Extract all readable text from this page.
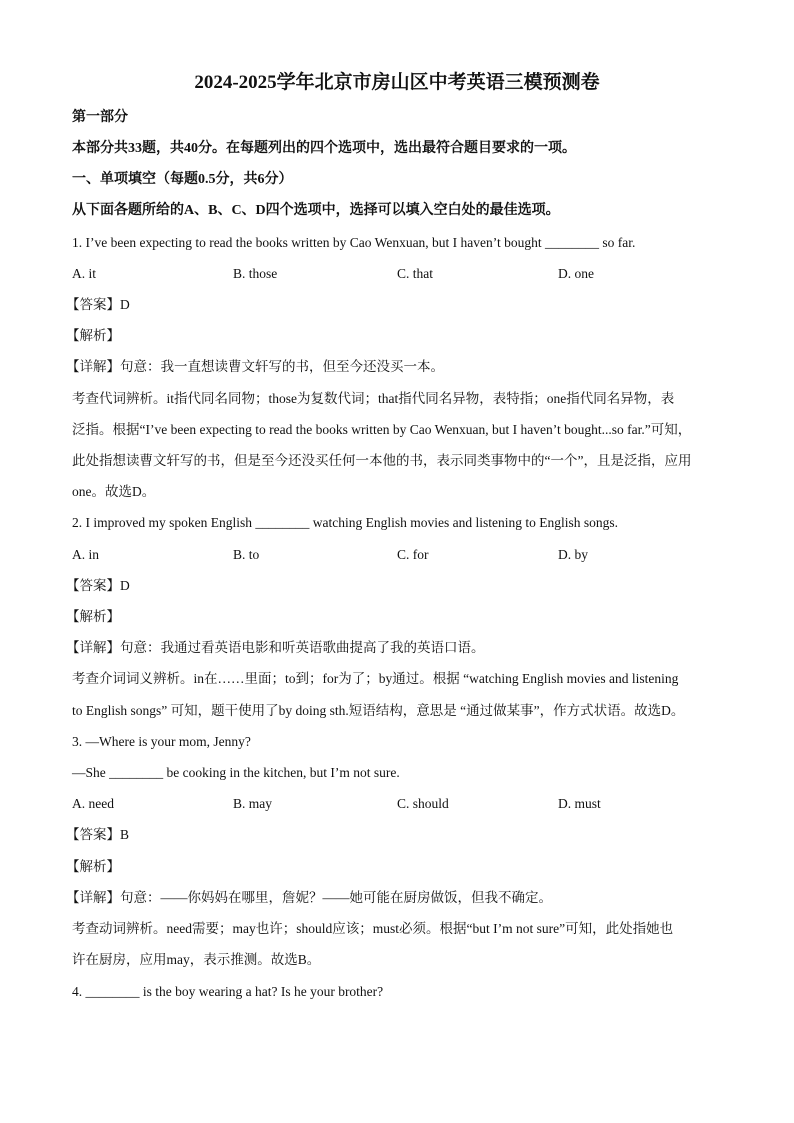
2024-2025学年北京市房山区中考英语三模预测卷
第一部分
本部分共33题，共40分。在每题列出的四个选项中，选出最符合题目要求的一项。
一、单项填空（每题0.5分，共6分）
从下面各题所给的A、B、C、D四个选项中，选择可以填入空白处的最佳选项。
1. I’ve been expecting to read the books written by Cao Wenxuan, but I haven’t bought ________ so far.
A. it	B. those	C. that	D. one
【答案】D
【解析】
【详解】句意：我一直想读曹文轩写的书，但至今还没买一本。
考查代词辨析。it指代同名同物；those为复数代词；that指代同名异物，表特指；one指代同名异物，表
泛指。根据“I’ve been expecting to read the books written by Cao Wenxuan, but I haven’t bought...so far.”可知，
此处指想读曹文轩写的书，但是至今还没买任何一本他的书，表示同类事物中的“一个”，且是泛指，应用
one。故选D。
2. I improved my spoken English ________ watching English movies and listening to English songs.
A. in	B. to	C. for	D. by
【答案】D
【解析】
【详解】句意：我通过看英语电影和听英语歌曲提高了我的英语口语。
考查介词词义辨析。in在……里面；to到；for为了；by通过。根据 “watching English movies and listening
to English songs” 可知，题干使用了by doing sth.短语结构，意思是 “通过做某事”，作方式状语。故选D。
3. —Where is your mom, Jenny?
—She ________ be cooking in the kitchen, but I’m not sure.
A. need	B. may	C. should	D. must
【答案】B
【解析】
【详解】句意：——你妈妈在哪里，詹妮？——她可能在厨房做饭，但我不确定。
考查动词辨析。need需要；may也许；should应该；must必须。根据“but I’m not sure”可知，此处指她也
许在厨房，应用may，表示推测。故选B。
4. ________ is the boy wearing a hat? Is he your brother?
